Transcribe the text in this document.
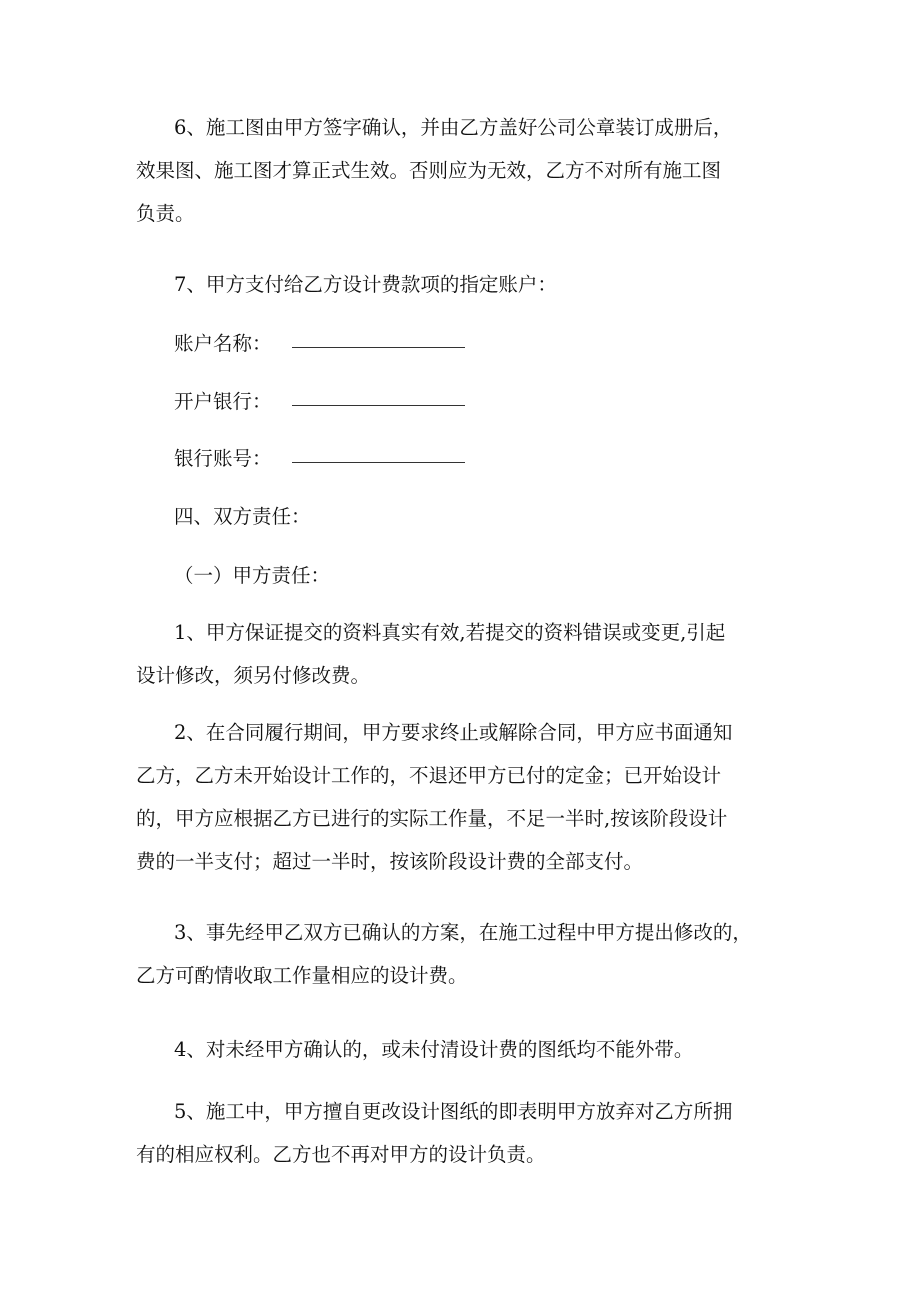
6、施工图由甲方签字确认，并由乙方盖好公司公章装订成册后，
效果图、施工图才算正式生效。否则应为无效，乙方不对所有施工图
负责。
7、甲方支付给乙方设计费款项的指定账户：
账户名称：
开户银行：
银行账号：
四、双方责任：
（一）甲方责任：
1、甲方保证提交的资料真实有效,若提交的资料错误或变更,引起
设计修改，须另付修改费。
2、在合同履行期间，甲方要求终止或解除合同，甲方应书面通知
乙方，乙方未开始设计工作的，不退还甲方已付的定金；已开始设计
的，甲方应根据乙方已进行的实际工作量，不足一半时,按该阶段设计
费的一半支付；超过一半时，按该阶段设计费的全部支付。
3、事先经甲乙双方已确认的方案，在施工过程中甲方提出修改的，
乙方可酌情收取工作量相应的设计费。
4、对未经甲方确认的，或未付清设计费的图纸均不能外带。
5、施工中，甲方擅自更改设计图纸的即表明甲方放弃对乙方所拥
有的相应权利。乙方也不再对甲方的设计负责。
